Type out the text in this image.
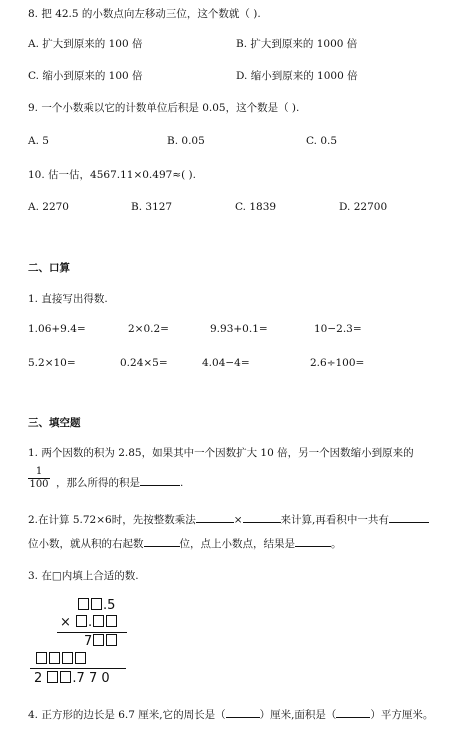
8. 把 42.5 的小数点向左移动三位，这个数就（ ).
A. 扩大到原来的 100 倍	B. 扩大到原来的 1000 倍
C. 缩小到原来的 100 倍	D. 缩小到原来的 1000 倍
9. 一个小数乘以它的计数单位后积是 0.05，这个数是（ ).
A. 5	B. 0.05	C. 0.5
10. 估一估，4567.11×0.497≈( ).
A. 2270	B. 3127	C. 1839	D. 22700
二、口算
1. 直接写出得数.
1.06+9.4=	2×0.2=	9.93+0.1=	10−2.3=
5.2×10=	0.24×5=	4.04−4=	2.6÷100=
三、填空题
1. 两个因数的积为 2.85，如果其中一个因数扩大 10 倍，另一个因数缩小到原来的
$\frac{1}{100}$ ，那么所得的积是	.
2.在计算 5.72×6时，先按整数乘法	×	来计算,再看积中一共有
位小数，就从积的右起数	位，点上小数点，结果是	。
3. 在□内填上合适的数.
.5
× .
7
2 .7 7 0
4. 正方形的边长是 6.7 厘米,它的周长是（	）厘米,面积是（	）平方厘米。
